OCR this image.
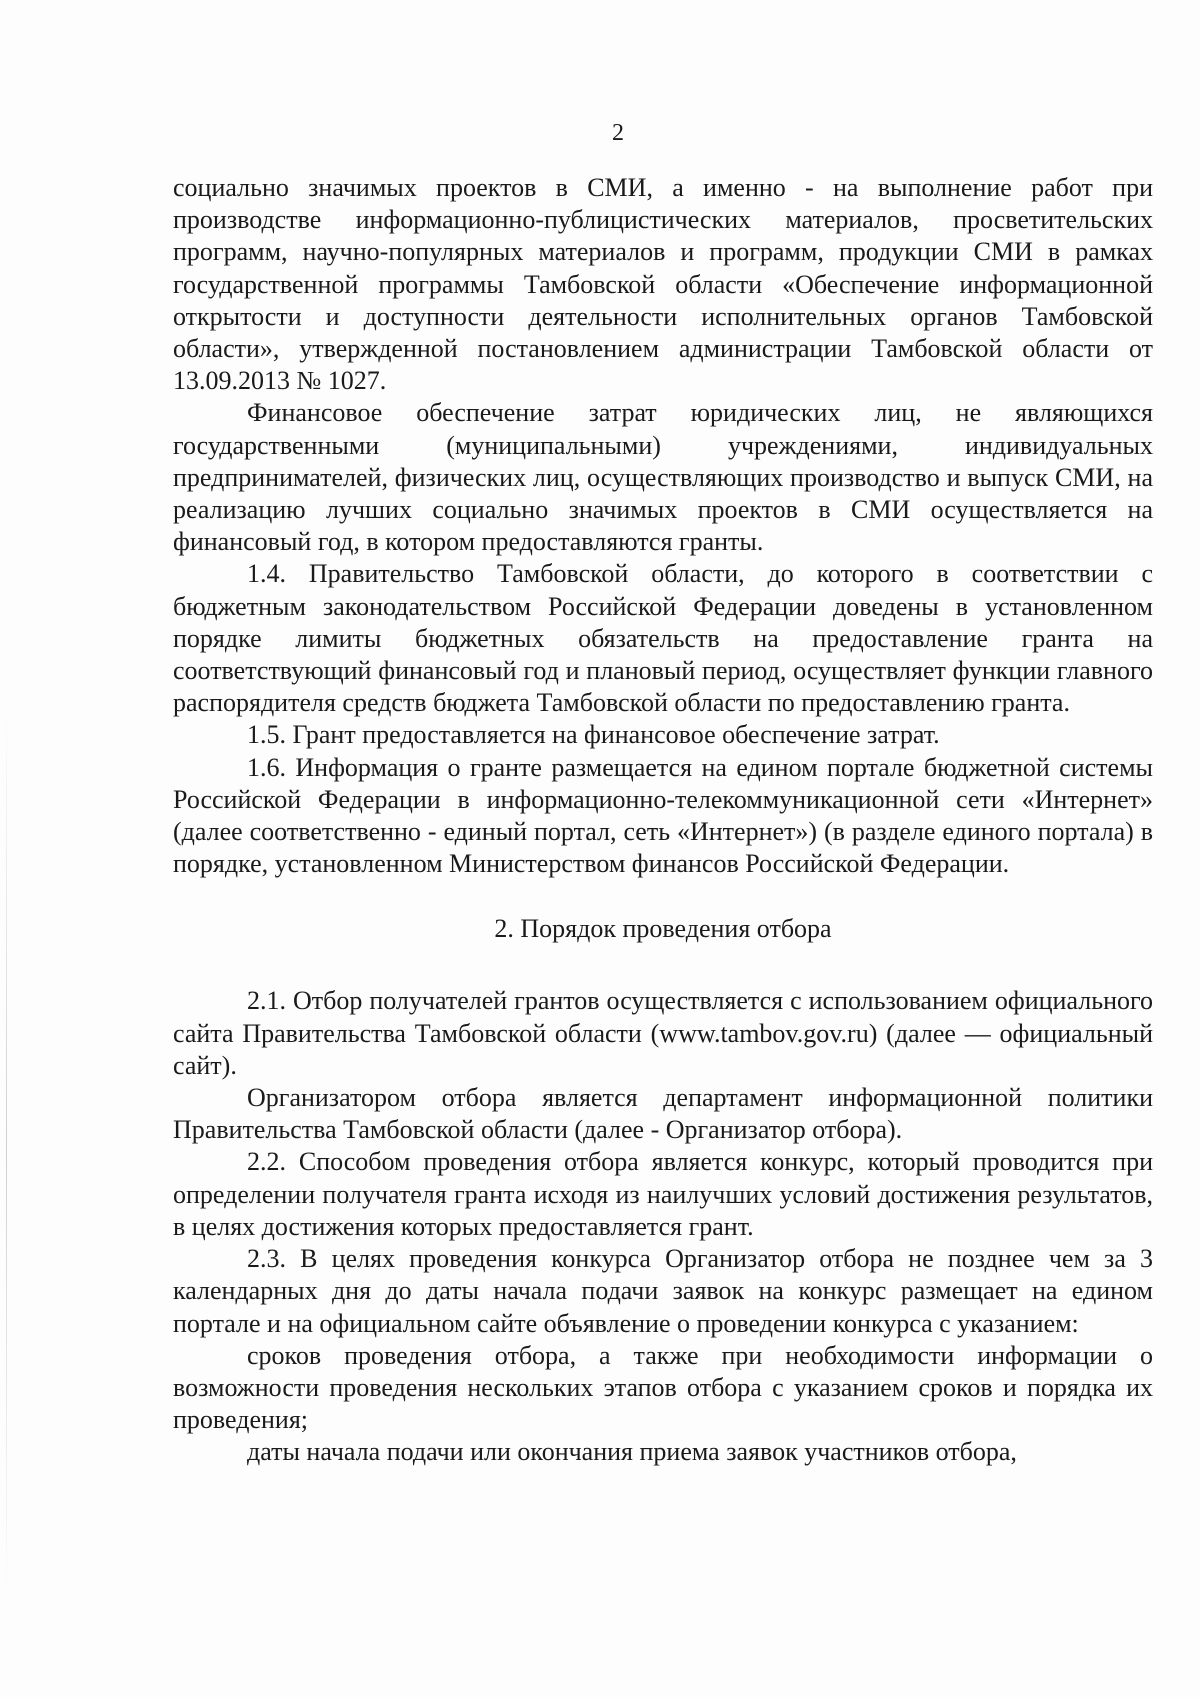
2

социально значимых проектов в СМИ, а именно - на выполнение работ при производстве информационно-публицистических материалов, просветительских программ, научно-популярных материалов и программ, продукции СМИ в рамках государственной программы Тамбовской области «Обеспечение информационной открытости и доступности деятельности исполнительных органов Тамбовской области», утвержденной постановлением администрации Тамбовской области от 13.09.2013 № 1027.

Финансовое обеспечение затрат юридических лиц, не являющихся государственными (муниципальными) учреждениями, индивидуальных предпринимателей, физических лиц, осуществляющих производство и выпуск СМИ, на реализацию лучших социально значимых проектов в СМИ осуществляется на финансовый год, в котором предоставляются гранты.

1.4. Правительство Тамбовской области, до которого в соответствии с бюджетным законодательством Российской Федерации доведены в установленном порядке лимиты бюджетных обязательств на предоставление гранта на соответствующий финансовый год и плановый период, осуществляет функции главного распорядителя средств бюджета Тамбовской области по предоставлению гранта.

1.5. Грант предоставляется на финансовое обеспечение затрат.

1.6. Информация о гранте размещается на едином портале бюджетной системы Российской Федерации в информационно-телекоммуникационной сети «Интернет» (далее соответственно - единый портал, сеть «Интернет») (в разделе единого портала) в порядке, установленном Министерством финансов Российской Федерации.

2. Порядок проведения отбора

2.1. Отбор получателей грантов осуществляется с использованием официального сайта Правительства Тамбовской области (www.tambov.gov.ru) (далее — официальный сайт).

Организатором отбора является департамент информационной политики Правительства Тамбовской области (далее - Организатор отбора).

2.2. Способом проведения отбора является конкурс, который проводится при определении получателя гранта исходя из наилучших условий достижения результатов, в целях достижения которых предоставляется грант.

2.3. В целях проведения конкурса Организатор отбора не позднее чем за 3 календарных дня до даты начала подачи заявок на конкурс размещает на едином портале и на официальном сайте объявление о проведении конкурса с указанием:

сроков проведения отбора, а также при необходимости информации о возможности проведения нескольких этапов отбора с указанием сроков и порядка их проведения;

даты начала подачи или окончания приема заявок участников отбора,
